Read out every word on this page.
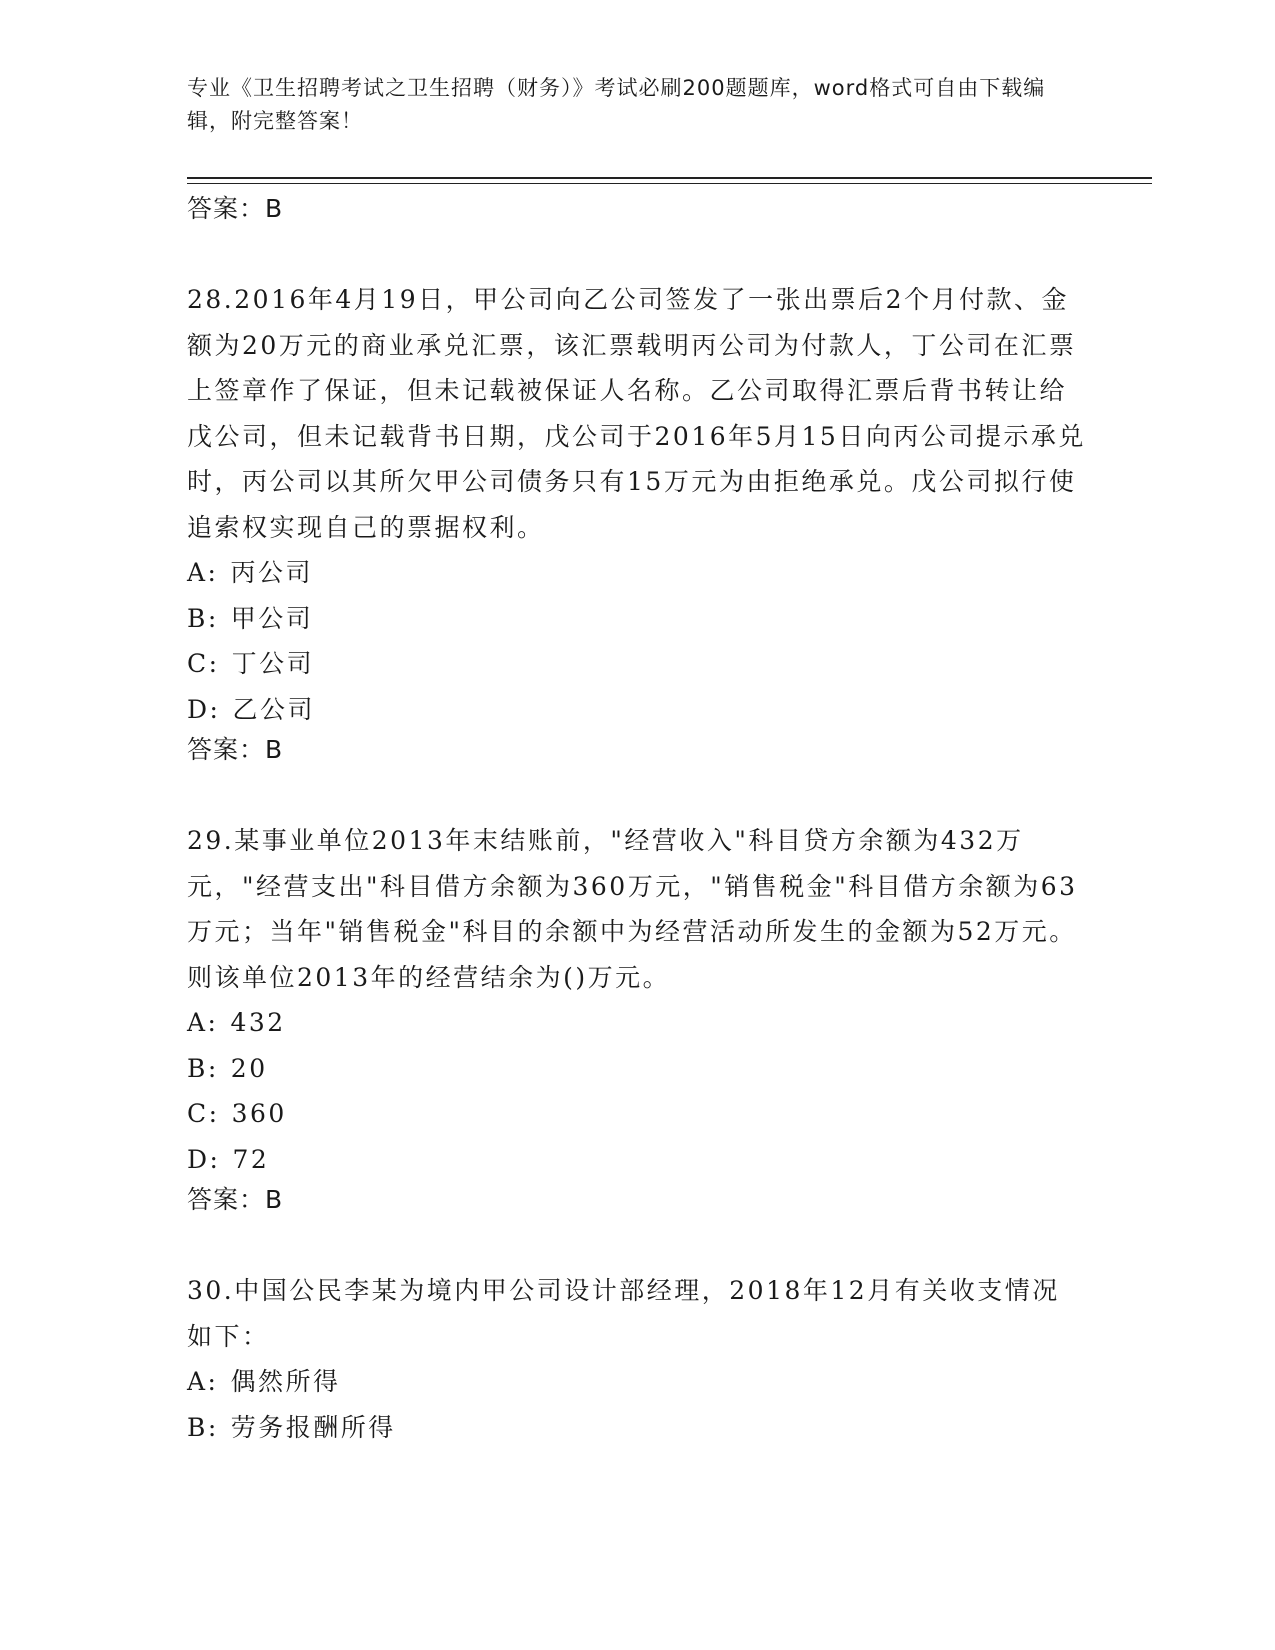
专业《卫生招聘考试之卫生招聘（财务）》考试必刷200题题库，word格式可自由下载编辑，附完整答案！
答案：B
28.2016年4月19日，甲公司向乙公司签发了一张出票后2个月付款、金额为20万元的商业承兑汇票，该汇票载明丙公司为付款人，丁公司在汇票上签章作了保证，但未记载被保证人名称。乙公司取得汇票后背书转让给戊公司，但未记载背书日期，戊公司于2016年5月15日向丙公司提示承兑时，丙公司以其所欠甲公司债务只有15万元为由拒绝承兑。戊公司拟行使追索权实现自己的票据权利。
A: 丙公司
B: 甲公司
C: 丁公司
D: 乙公司
答案：B
29.某事业单位2013年末结账前，"经营收入"科目贷方余额为432万元，"经营支出"科目借方余额为360万元，"销售税金"科目借方余额为63万元；当年"销售税金"科目的余额中为经营活动所发生的金额为52万元。则该单位2013年的经营结余为()万元。
A: 432
B: 20
C: 360
D: 72
答案：B
30.中国公民李某为境内甲公司设计部经理，2018年12月有关收支情况如下：
A: 偶然所得
B: 劳务报酬所得
